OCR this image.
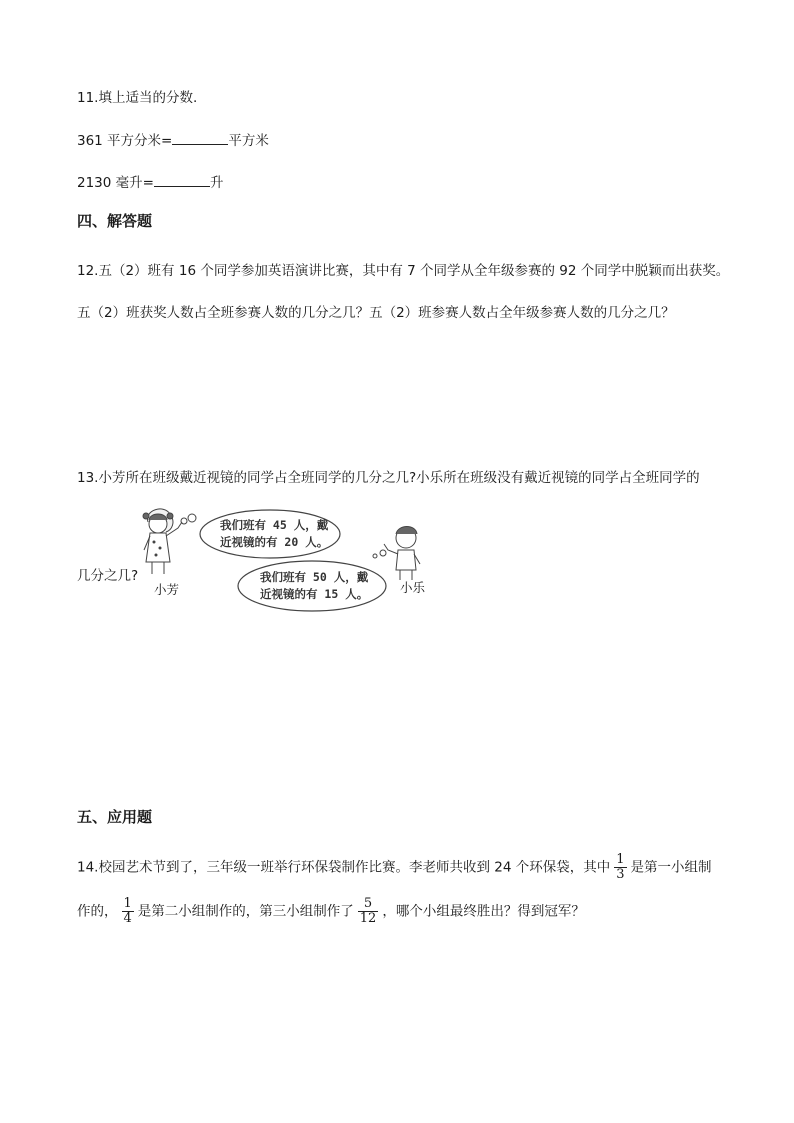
11.填上适当的分数.
361 平方分米=	平方米
2130 毫升=	升
四、解答题
12.五（2）班有 16 个同学参加英语演讲比赛，其中有 7 个同学从全年级参赛的 92 个同学中脱颖而出获奖。
五（2）班获奖人数占全班参赛人数的几分之几？五（2）班参赛人数占全年级参赛人数的几分之几？
13.小芳所在班级戴近视镜的同学占全班同学的几分之几?小乐所在班级没有戴近视镜的同学占全班同学的
几分之几?
我们班有 45 人，戴
近视镜的有 20 人。
我们班有 50 人，戴
近视镜的有 15 人。
小芳	小乐
五、应用题
14.校园艺术节到了，三年级一班举行环保袋制作比赛。李老师共收到 24 个环保袋，其中 $\frac{1}{3}$ 是第一小组制
作的， $\frac{1}{4}$ 是第二小组制作的，第三小组制作了 $\frac{5}{12}$ ，哪个小组最终胜出？得到冠军？
